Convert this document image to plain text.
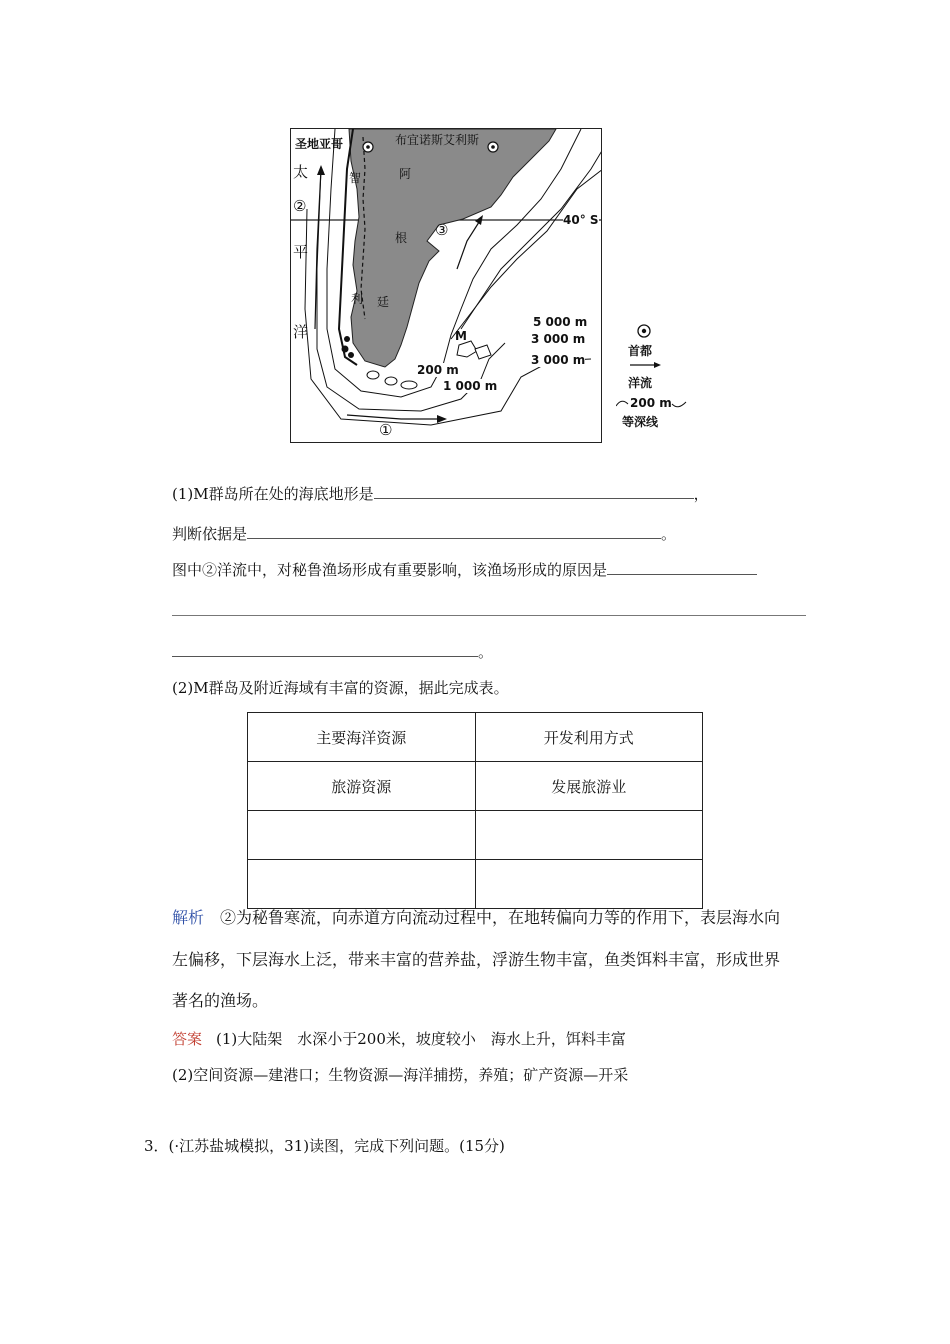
圣地亚哥	布宜诺斯艾利斯
智
利
阿
根
廷
太
②
平
洋
③
①
40° S
M
5 000 m
3 000 m
3 000 m
200 m
1 000 m
首都
洋流
200 m
等深线
(1)M群岛所在处的海底地形是	，
判断依据是	。
图中②洋流中，对秘鲁渔场形成有重要影响，该渔场形成的原因是
。
(2)M群岛及附近海域有丰富的资源，据此完成表。
主要海洋资源	开发利用方式
旅游资源	发展旅游业

解析 ②为秘鲁寒流，向赤道方向流动过程中，在地转偏向力等的作用下，表层海水向
左偏移，下层海水上泛，带来丰富的营养盐，浮游生物丰富，鱼类饵料丰富，形成世界
著名的渔场。
答案 (1)大陆架　水深小于200米，坡度较小　海水上升，饵料丰富
(2)空间资源—建港口；生物资源—海洋捕捞，养殖；矿产资源—开采
3．(·江苏盐城模拟，31)读图，完成下列问题。(15分)
